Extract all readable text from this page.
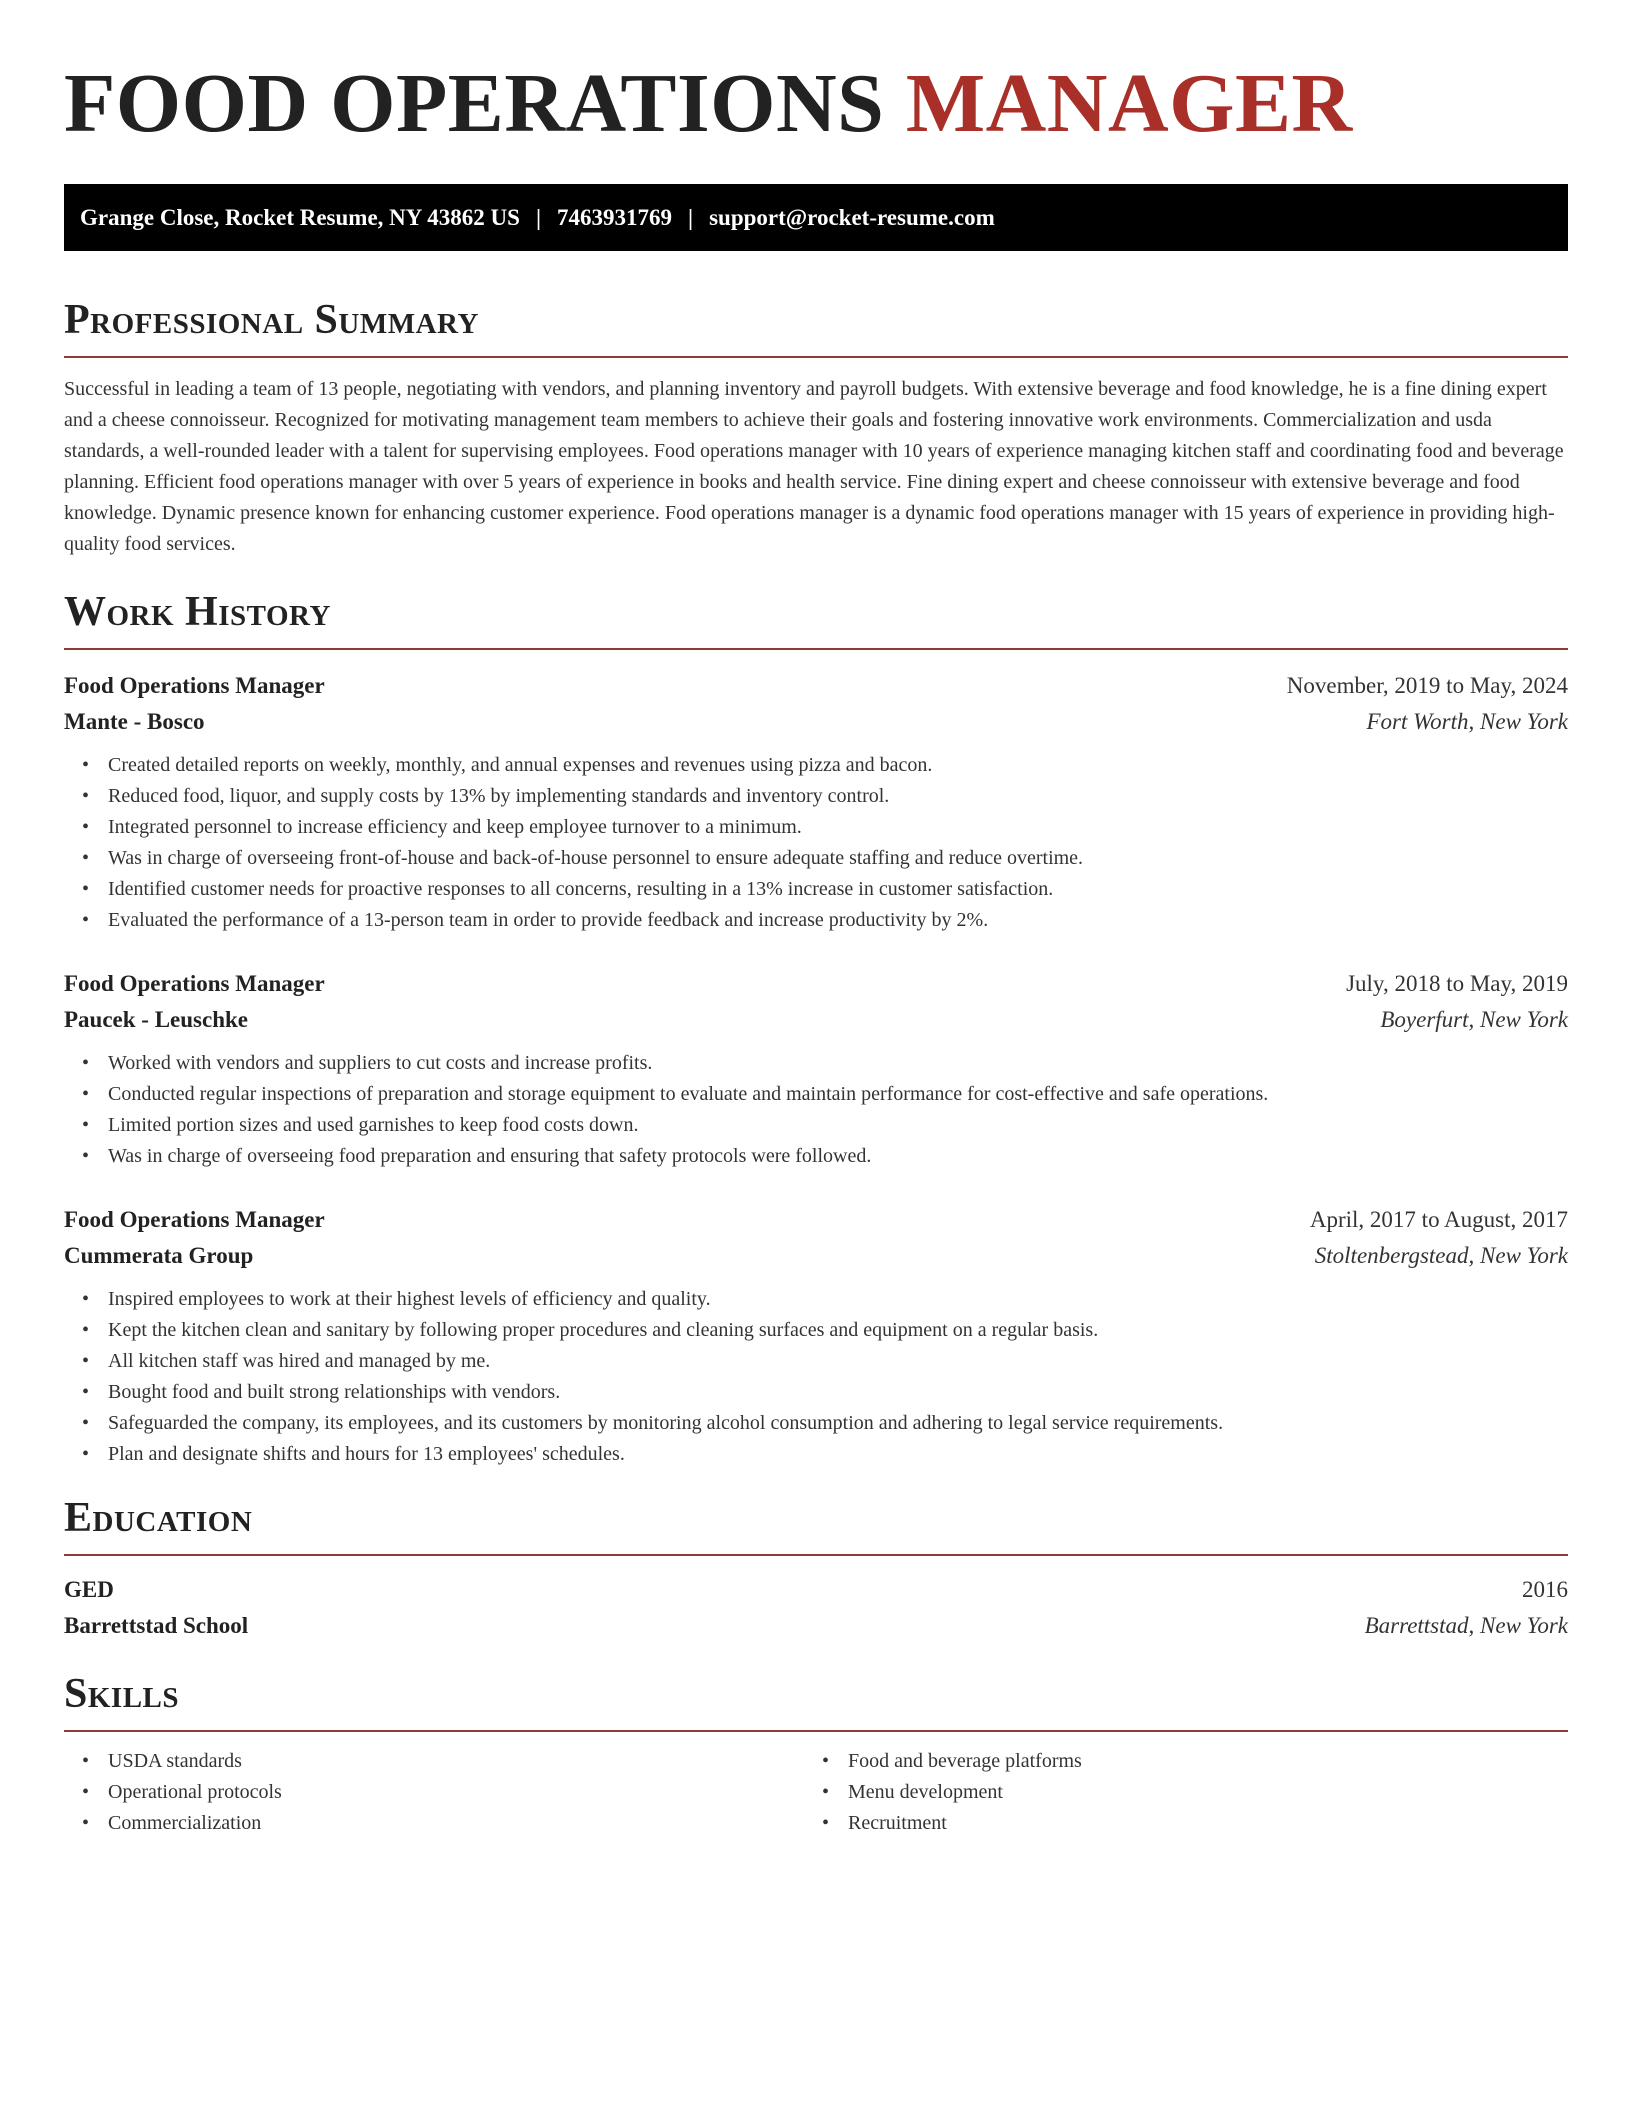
FOOD OPERATIONS MANAGER
Grange Close, Rocket Resume, NY 43862 US | 7463931769 | support@rocket-resume.com
Professional Summary

Successful in leading a team of 13 people, negotiating with vendors, and planning inventory and payroll budgets. With extensive beverage and food knowledge, he is a fine dining expert and a cheese connoisseur. Recognized for motivating management team members to achieve their goals and fostering innovative work environments. Commercialization and usda standards, a well-rounded leader with a talent for supervising employees. Food operations manager with 10 years of experience managing kitchen staff and coordinating food and beverage planning. Efficient food operations manager with over 5 years of experience in books and health service. Fine dining expert and cheese connoisseur with extensive beverage and food knowledge. Dynamic presence known for enhancing customer experience. Food operations manager is a dynamic food operations manager with 15 years of experience in providing high-quality food services.

Work History
Food Operations Manager	November, 2019 to May, 2024
Mante - Bosco	Fort Worth, New York
• Created detailed reports on weekly, monthly, and annual expenses and revenues using pizza and bacon.
• Reduced food, liquor, and supply costs by 13% by implementing standards and inventory control.
• Integrated personnel to increase efficiency and keep employee turnover to a minimum.
• Was in charge of overseeing front-of-house and back-of-house personnel to ensure adequate staffing and reduce overtime.
• Identified customer needs for proactive responses to all concerns, resulting in a 13% increase in customer satisfaction.
• Evaluated the performance of a 13-person team in order to provide feedback and increase productivity by 2%.
Food Operations Manager	July, 2018 to May, 2019
Paucek - Leuschke	Boyerfurt, New York
• Worked with vendors and suppliers to cut costs and increase profits.
• Conducted regular inspections of preparation and storage equipment to evaluate and maintain performance for cost-effective and safe operations.
• Limited portion sizes and used garnishes to keep food costs down.
• Was in charge of overseeing food preparation and ensuring that safety protocols were followed.
Food Operations Manager	April, 2017 to August, 2017
Cummerata Group	Stoltenbergstead, New York
• Inspired employees to work at their highest levels of efficiency and quality.
• Kept the kitchen clean and sanitary by following proper procedures and cleaning surfaces and equipment on a regular basis.
• All kitchen staff was hired and managed by me.
• Bought food and built strong relationships with vendors.
• Safeguarded the company, its employees, and its customers by monitoring alcohol consumption and adhering to legal service requirements.
• Plan and designate shifts and hours for 13 employees' schedules.
Education
GED	2016
Barrettstad School	Barrettstad, New York
Skills
• USDA standards
• Operational protocols
• Commercialization
• Food and beverage platforms
• Menu development
• Recruitment
